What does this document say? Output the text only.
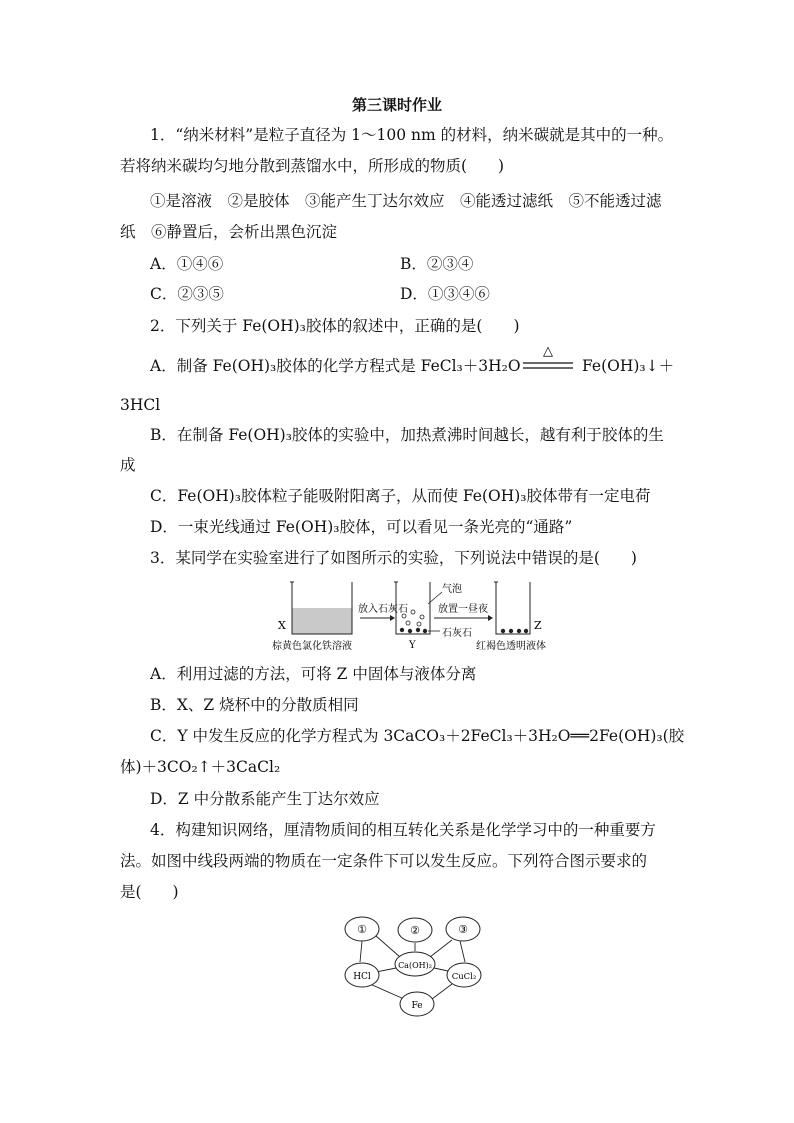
第三课时作业
1．“纳米材料”是粒子直径为 1～100 nm 的材料，纳米碳就是其中的一种。
若将纳米碳均匀地分散到蒸馏水中，所形成的物质(　　)
①是溶液　②是胶体　③能产生丁达尔效应　④能透过滤纸　⑤不能透过滤
纸　⑥静置后，会析出黑色沉淀
A．①④⑥	B．②③④
C．②③⑤	D．①③④⑥
2．下列关于 Fe(OH)₃胶体的叙述中，正确的是(　　)
A．制备 Fe(OH)₃胶体的化学方程式是 FeCl₃＋3H₂O
△
Fe(OH)₃↓＋
3HCl
B．在制备 Fe(OH)₃胶体的实验中，加热煮沸时间越长，越有利于胶体的生
成
C．Fe(OH)₃胶体粒子能吸附阳离子，从而使 Fe(OH)₃胶体带有一定电荷
D．一束光线通过 Fe(OH)₃胶体，可以看见一条光亮的“通路”
3．某同学在实验室进行了如图所示的实验，下列说法中错误的是(　　)
X
棕黄色氯化铁溶液
放入石灰石
Y
气泡
石灰石
放置一昼夜
Z
红褐色透明液体
A．利用过滤的方法，可将 Z 中固体与液体分离
B．X、Z 烧杯中的分散质相同
C．Y 中发生反应的化学方程式为 3CaCO₃＋2FeCl₃＋3H₂O══2Fe(OH)₃(胶
体)＋3CO₂↑＋3CaCl₂
D．Z 中分散系能产生丁达尔效应
4．构建知识网络，厘清物质间的相互转化关系是化学学习中的一种重要方
法。如图中线段两端的物质在一定条件下可以发生反应。下列符合图示要求的
是(　　)
①	②	③
HCl
Ca(OH)₂
CuCl₂
Fe
